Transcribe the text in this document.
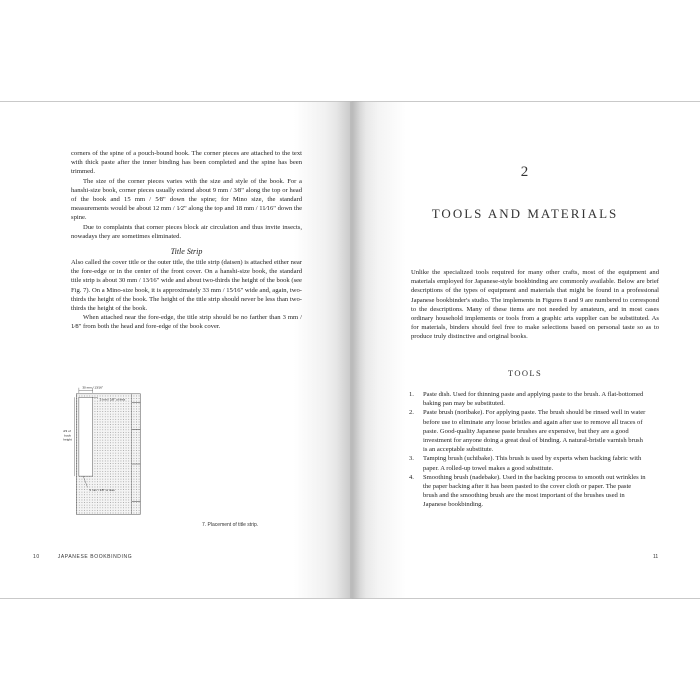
corners of the spine of a pouch-bound book. The corner pieces are attached to the text with thick paste after the inner binding has been completed and the spine has been trimmed.

The size of the corner pieces varies with the size and style of the book. For a hanshi-size book, corner pieces usually extend about 9 mm / 3⁄8" along the top or head of the book and 15 mm / 5⁄8" down the spine; for Mino size, the standard measurements would be about 12 mm / 1⁄2" along the top and 18 mm / 11⁄16" down the spine.

Due to complaints that corner pieces block air circulation and thus invite insects, nowadays they are sometimes eliminated.

Title Strip

Also called the cover title or the outer title, the title strip (daisen) is attached either near the fore-edge or in the center of the front cover. On a hanshi-size book, the standard title strip is about 30 mm / 13⁄16" wide and about two-thirds the height of the book (see Fig. 7). On a Mino-size book, it is approximately 33 mm / 15⁄16" wide and, again, two-thirds the height of the book. The height of the title strip should never be less than two-thirds the height of the book.

When attached near the fore-edge, the title strip should be no farther than 3 mm / 1⁄8" from both the head and fore-edge of the book cover.

30 mm / 13⁄16"
3 mm / 1⁄8" or less
2⁄3 of
book
height
3 mm / 1⁄8" or less
7. Placement of title strip.
10	JAPANESE BOOKBINDING
2
TOOLS AND MATERIALS

Unlike the specialized tools required for many other crafts, most of the equipment and materials employed for Japanese-style bookbinding are commonly available. Below are brief descriptions of the types of equipment and materials that might be found in a professional Japanese bookbinder's studio. The implements in Figures 8 and 9 are numbered to correspond to the descriptions. Many of these items are not needed by amateurs, and in most cases ordinary household implements or tools from a graphic arts supplier can be substituted. As for materials, binders should feel free to make selections based on personal taste so as to produce truly distinctive and original books.

TOOLS
1. Paste dish. Used for thinning paste and applying paste to the brush. A flat-bottomed baking pan may be substituted.
2. Paste brush (noribake). For applying paste. The brush should be rinsed well in water before use to eliminate any loose bristles and again after use to remove all traces of paste. Good-quality Japanese paste brushes are expensive, but they are a good investment for anyone doing a great deal of binding. A natural-bristle varnish brush is an acceptable substitute.
3. Tamping brush (uchibake). This brush is used by experts when backing fabric with paper. A rolled-up towel makes a good substitute.
4. Smoothing brush (nadebake). Used in the backing process to smooth out wrinkles in the paper backing after it has been pasted to the cover cloth or paper. The paste brush and the smoothing brush are the most important of the brushes used in Japanese bookbinding.
11
